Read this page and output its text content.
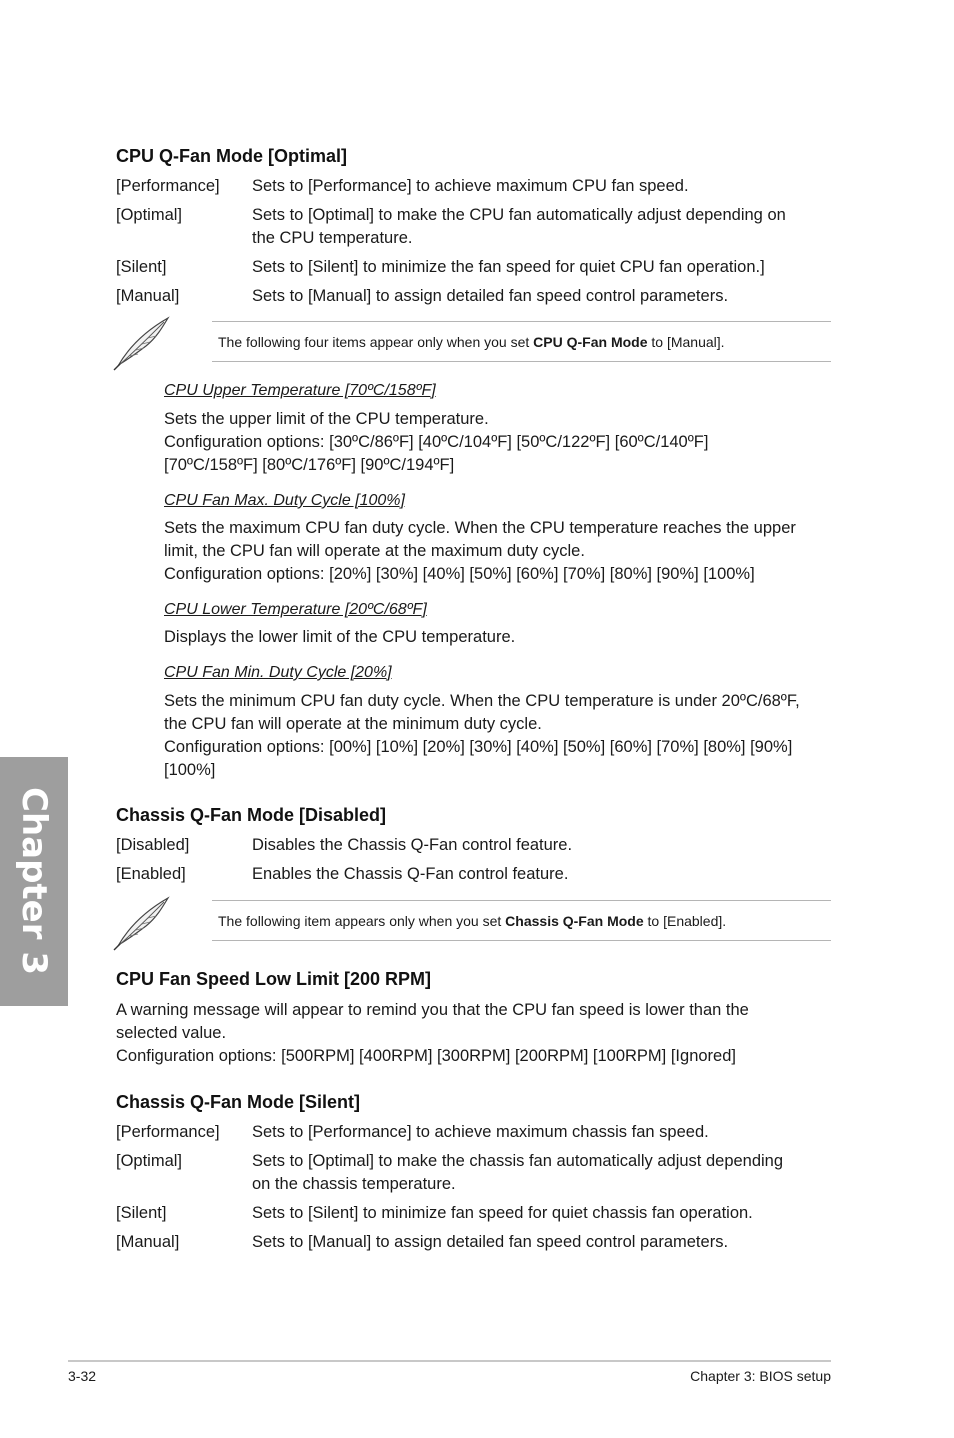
Chapter 3
CPU Q-Fan Mode [Optimal]
[Performance] Sets to [Performance] to achieve maximum CPU fan speed.
[Optimal]	Sets to [Optimal] to make the CPU fan automatically adjust depending on
the CPU temperature.
[Silent]	Sets to [Silent] to minimize the fan speed for quiet CPU fan operation.]
[Manual]	Sets to [Manual] to assign detailed fan speed control parameters.
The following four items appear only when you set CPU Q-Fan Mode to [Manual].
CPU Upper Temperature [70ºC/158ºF]
Sets the upper limit of the CPU temperature.
Configuration options: [30ºC/86ºF] [40ºC/104ºF] [50ºC/122ºF] [60ºC/140ºF]
[70ºC/158ºF] [80ºC/176ºF] [90ºC/194ºF]
CPU Fan Max. Duty Cycle [100%]
Sets the maximum CPU fan duty cycle. When the CPU temperature reaches the upper
limit, the CPU fan will operate at the maximum duty cycle.
Configuration options: [20%] [30%] [40%] [50%] [60%] [70%] [80%] [90%] [100%]
CPU Lower Temperature [20ºC/68ºF]
Displays the lower limit of the CPU temperature.
CPU Fan Min. Duty Cycle [20%]
Sets the minimum CPU fan duty cycle. When the CPU temperature is under 20ºC/68ºF,
the CPU fan will operate at the minimum duty cycle.
Configuration options: [00%] [10%] [20%] [30%] [40%] [50%] [60%] [70%] [80%] [90%]
[100%]
Chassis Q-Fan Mode [Disabled]
[Disabled]	Disables the Chassis Q-Fan control feature.
[Enabled]	Enables the Chassis Q-Fan control feature.
The following item appears only when you set Chassis Q-Fan Mode to [Enabled].
CPU Fan Speed Low Limit [200 RPM]
A warning message will appear to remind you that the CPU fan speed is lower than the
selected value.
Configuration options: [500RPM] [400RPM] [300RPM] [200RPM] [100RPM] [Ignored]
Chassis Q-Fan Mode [Silent]
[Performance] Sets to [Performance] to achieve maximum chassis fan speed.
[Optimal]	Sets to [Optimal] to make the chassis fan automatically adjust depending
on the chassis temperature.
[Silent]	Sets to [Silent] to minimize fan speed for quiet chassis fan operation.
[Manual]	Sets to [Manual] to assign detailed fan speed control parameters.
3-32	Chapter 3: BIOS setup
